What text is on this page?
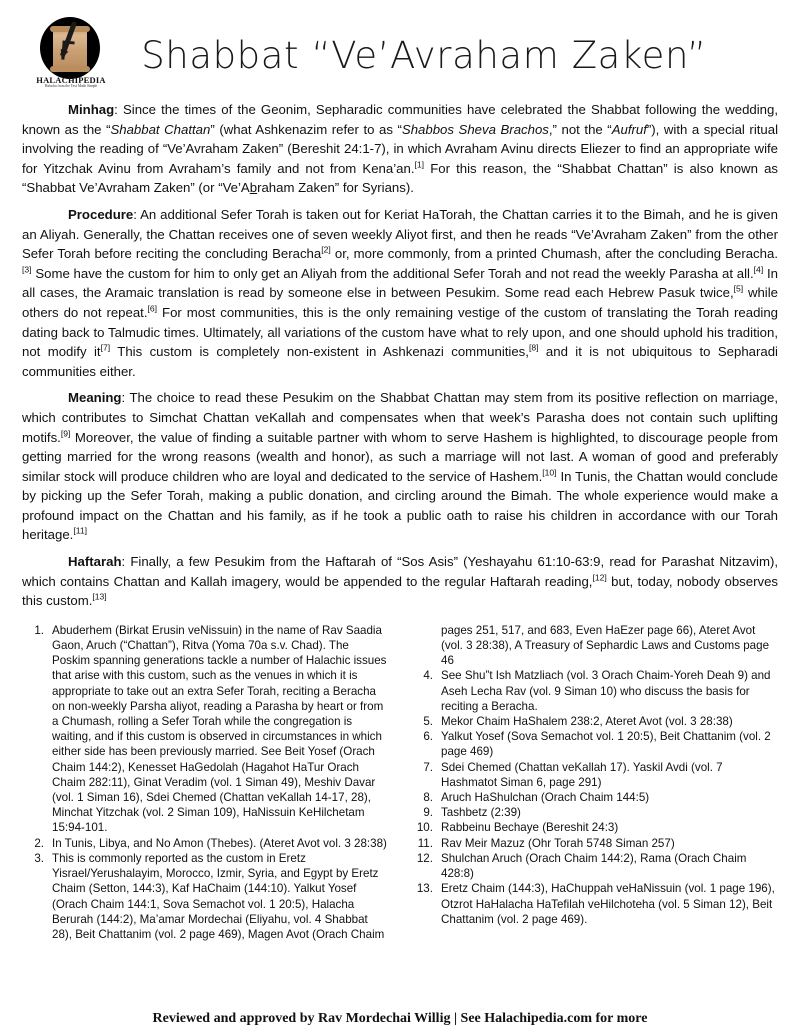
HALACHIPEDIA
Halacha from the Text Made Simple
Shabbat “Ve’Avraham Zaken”

Minhag: Since the times of the Geonim, Sepharadic communities have celebrated the Shabbat following the wedding, known as the “Shabbat Chattan” (what Ashkenazim refer to as “Shabbos Sheva Brachos,” not the “Aufruf”), with a special ritual involving the reading of “Ve’Avraham Zaken” (Bereshit 24:1-7), in which Avraham Avinu directs Eliezer to find an appropriate wife for Yitzchak Avinu from Avraham’s family and not from Kena’an.[1] For this reason, the “Shabbat Chattan” is also known as “Shabbat Ve’Avraham Zaken” (or “Ve’Abraham Zaken” for Syrians).

Procedure: An additional Sefer Torah is taken out for Keriat HaTorah, the Chattan carries it to the Bimah, and he is given an Aliyah. Generally, the Chattan receives one of seven weekly Aliyot first, and then he reads “Ve’Avraham Zaken” from the other Sefer Torah before reciting the concluding Beracha[2] or, more commonly, from a printed Chumash, after the concluding Beracha.[3] Some have the custom for him to only get an Aliyah from the additional Sefer Torah and not read the weekly Parasha at all.[4] In all cases, the Aramaic translation is read by someone else in between Pesukim. Some read each Hebrew Pasuk twice,[5] while others do not repeat.[6] For most communities, this is the only remaining vestige of the custom of translating the Torah reading dating back to Talmudic times. Ultimately, all variations of the custom have what to rely upon, and one should uphold his tradition, not modify it[7] This custom is completely non-existent in Ashkenazi communities,[8] and it is not ubiquitous to Sepharadi communities either.

Meaning: The choice to read these Pesukim on the Shabbat Chattan may stem from its positive reflection on marriage, which contributes to Simchat Chattan veKallah and compensates when that week’s Parasha does not contain such uplifting motifs.[9] Moreover, the value of finding a suitable partner with whom to serve Hashem is highlighted, to discourage people from getting married for the wrong reasons (wealth and honor), as such a marriage will not last. A woman of good and preferably similar stock will produce children who are loyal and dedicated to the service of Hashem.[10] In Tunis, the Chattan would conclude by picking up the Sefer Torah, making a public donation, and circling around the Bimah. The whole experience would make a profound impact on the Chattan and his family, as if he took a public oath to raise his children in accordance with our Torah heritage.[11]

Haftarah: Finally, a few Pesukim from the Haftarah of “Sos Asis” (Yeshayahu 61:10-63:9, read for Parashat Nitzavim), which contains Chattan and Kallah imagery, would be appended to the regular Haftarah reading,[12] but, today, nobody observes this custom.[13]

Abuderhem (Birkat Erusin veNissuin) in the name of Rav Saadia Gaon, Aruch (“Chattan”), Ritva (Yoma 70a s.v. Chad). The Poskim spanning generations tackle a number of Halachic issues that arise with this custom, such as the venues in which it is appropriate to take out an extra Sefer Torah, reciting a Beracha on non-weekly Parsha aliyot, reading a Parasha by heart or from a Chumash, rolling a Sefer Torah while the congregation is waiting, and if this custom is observed in circumstances in which either side has been previously married. See Beit Yosef (Orach Chaim 144:2), Kenesset HaGedolah (Hagahot HaTur Orach Chaim 282:11), Ginat Veradim (vol. 1 Siman 49), Meshiv Davar (vol. 1 Siman 16), Sdei Chemed (Chattan veKallah 14-17, 28), Minchat Yitzchak (vol. 2 Siman 109), HaNissuin KeHilchetam 15:94-101.
In Tunis, Libya, and No Amon (Thebes). (Ateret Avot vol. 3 28:38)
This is commonly reported as the custom in Eretz Yisrael/Yerushalayim, Morocco, Izmir, Syria, and Egypt by Eretz Chaim (Setton, 144:3), Kaf HaChaim (144:10). Yalkut Yosef (Orach Chaim 144:1, Sova Semachot vol. 1 20:5), Halacha Berurah (144:2), Ma’amar Mordechai (Eliyahu, vol. 4 Shabbat 28), Beit Chattanim (vol. 2 page 469), Magen Avot (Orach Chaim pages 251, 517, and 683, Even HaEzer page 66), Ateret Avot (vol. 3 28:38), A Treasury of Sephardic Laws and Customs page 46
See Shu”t Ish Matzliach (vol. 3 Orach Chaim-Yoreh Deah 9) and Aseh Lecha Rav (vol. 9 Siman 10) who discuss the basis for reciting a Beracha.
Mekor Chaim HaShalem 238:2, Ateret Avot (vol. 3 28:38)
Yalkut Yosef (Sova Semachot vol. 1 20:5), Beit Chattanim (vol. 2 page 469)
Sdei Chemed (Chattan veKallah 17). Yaskil Avdi (vol. 7 Hashmatot Siman 6, page 291)
Aruch HaShulchan (Orach Chaim 144:5)
Tashbetz (2:39)
Rabbeinu Bechaye (Bereshit 24:3)
Rav Meir Mazuz (Ohr Torah 5748 Siman 257)
Shulchan Aruch (Orach Chaim 144:2), Rama (Orach Chaim 428:8)
Eretz Chaim (144:3), HaChuppah veHaNissuin (vol. 1 page 196), Otzrot HaHalacha HaTefilah veHilchoteha (vol. 5 Siman 12), Beit Chattanim (vol. 2 page 469).
Reviewed and approved by Rav Mordechai Willig | See Halachipedia.com for more
